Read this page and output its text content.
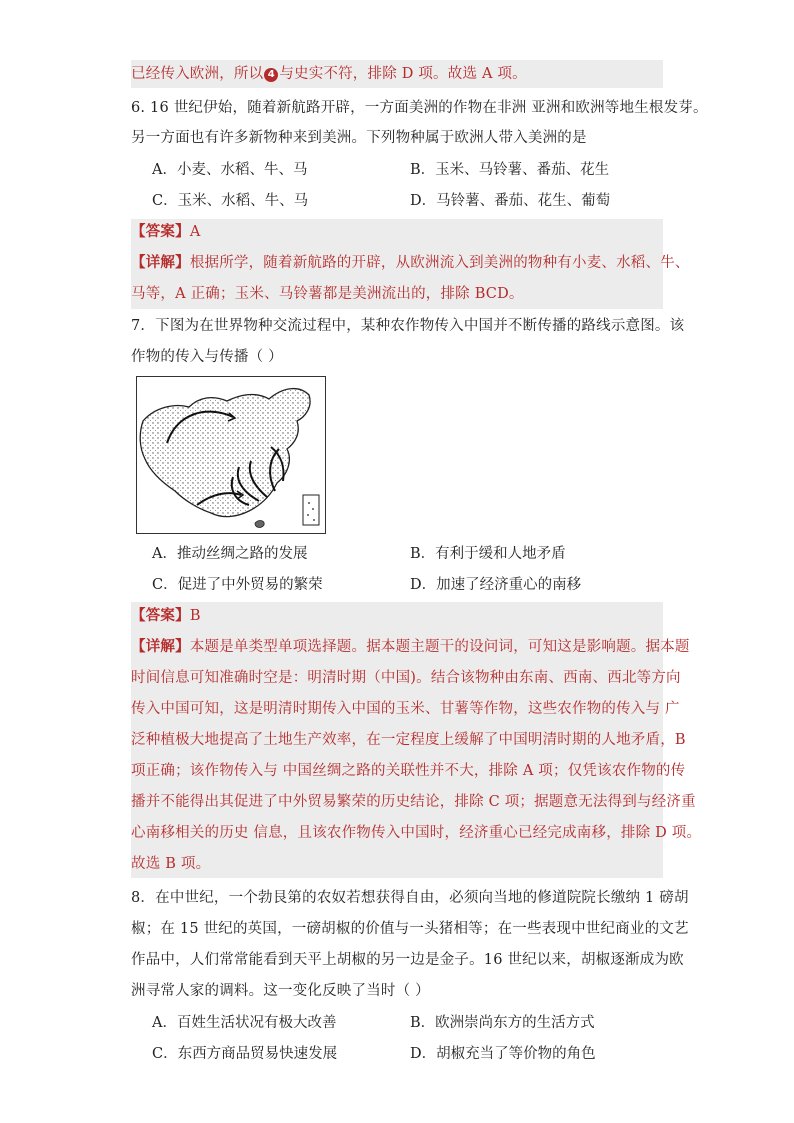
已经传入欧洲，所以 4 与史实不符，排除 D 项。故选 A 项。
6. 16 世纪伊始，随着新航路开辟，一方面美洲的作物在非洲 亚洲和欧洲等地生根发芽。
另一方面也有许多新物种来到美洲。下列物种属于欧洲人带入美洲的是
A．小麦、水稻、牛、马	B．玉米、马铃薯、番茄、花生
C．玉米、水稻、牛、马	D．马铃薯、番茄、花生、葡萄
【答案】A
【详解】根据所学，随着新航路的开辟，从欧洲流入到美洲的物种有小麦、水稻、牛、
马等，A 正确；玉米、马铃薯都是美洲流出的，排除 BCD。
7．下图为在世界物种交流过程中，某种农作物传入中国并不断传播的路线示意图。该
作物的传入与传播（ ）
A．推动丝绸之路的发展	B．有利于缓和人地矛盾
C．促进了中外贸易的繁荣	D．加速了经济重心的南移
【答案】B
【详解】本题是单类型单项选择题。据本题主题干的设问词，可知这是影响题。据本题
时间信息可知准确时空是：明清时期（中国)。结合该物种由东南、西南、西北等方向
传入中国可知，这是明清时期传入中国的玉米、甘薯等作物，这些农作物的传入与 广
泛种植极大地提高了土地生产效率，在一定程度上缓解了中国明清时期的人地矛盾，B
项正确；该作物传入与 中国丝绸之路的关联性并不大，排除 A 项；仅凭该农作物的传
播并不能得出其促进了中外贸易繁荣的历史结论，排除 C 项；据题意无法得到与经济重
心南移相关的历史 信息，且该农作物传入中国时，经济重心已经完成南移，排除 D 项。
故选 B 项。
8．在中世纪，一个勃艮第的农奴若想获得自由，必须向当地的修道院院长缴纳 1 磅胡
椒；在 15 世纪的英国，一磅胡椒的价值与一头猪相等；在一些表现中世纪商业的文艺
作品中，人们常常能看到天平上胡椒的另一边是金子。16 世纪以来，胡椒逐渐成为欧
洲寻常人家的调料。这一变化反映了当时（ ）
A．百姓生活状况有极大改善	B．欧洲崇尚东方的生活方式
C．东西方商品贸易快速发展	D．胡椒充当了等价物的角色
